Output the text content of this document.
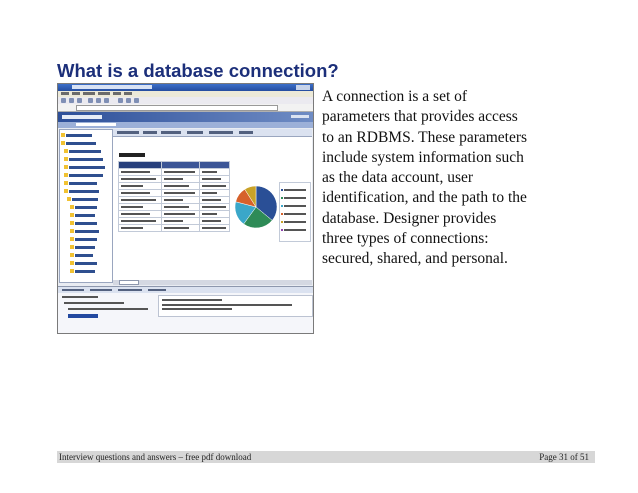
What is a database connection?

A connection is a set of
parameters that provides access
to an RDBMS. These parameters
include system information such
as the data account, user
identification, and the path to the
database. Designer provides
three types of connections:
secured, shared, and personal.
Interview questions and answers – free pdf download	Page 31 of 51
